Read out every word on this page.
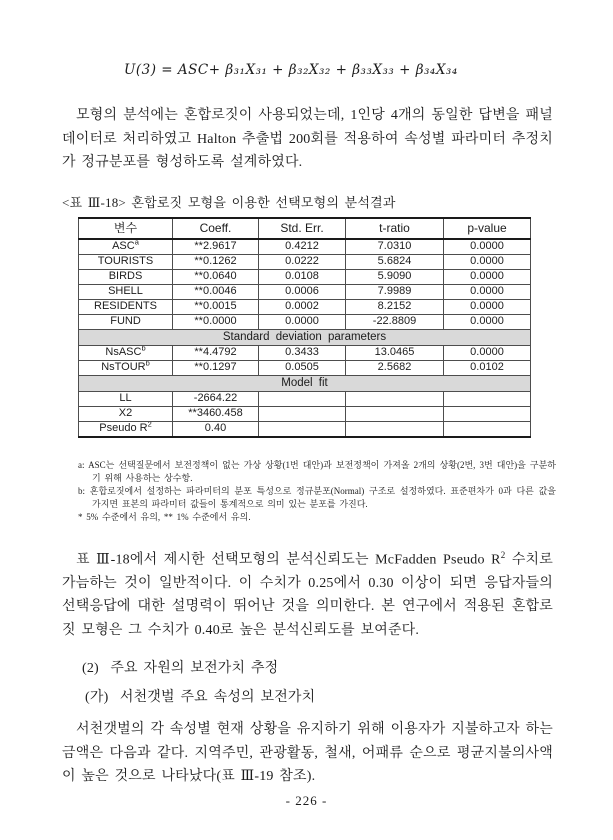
U(3) = ASC+ β₃₁X₃₁ + β₃₂X₃₂ + β₃₃X₃₃ + β₃₄X₃₄
모형의 분석에는 혼합로짓이 사용되었는데, 1인당 4개의 동일한 답변을 패널데이터로 처리하였고 Halton 추출법 200회를 적용하여 속성별 파라미터 추정치가 정규분포를 형성하도록 설계하였다.
<표 Ⅲ-18> 혼합로짓 모형을 이용한 선택모형의 분석결과
변수	Coeff.	Std. Err.	t-ratio	p-value
ASC$^a$	**2.9617	0.4212	7.0310	0.0000
TOURISTS	**0.1262	0.0222	5.6824	0.0000
BIRDS	**0.0640	0.0108	5.9090	0.0000
SHELL	**0.0046	0.0006	7.9989	0.0000
RESIDENTS	**0.0015	0.0002	8.2152	0.0000
FUND	**0.0000	0.0000	-22.8809	0.0000
Standard deviation parameters				
NsASC$^b$	**4.4792	0.3433	13.0465	0.0000
NsTOUR$^b$	**0.1297	0.0505	2.5682	0.0102
Model fit				
LL	-2664.22			
X2	**3460.458			
Pseudo $R^2$	0.40			
a: ASC는 선택질문에서 보전정책이 없는 가상 상황(1번 대안)과 보전정책이 가져올 2개의 상황(2번, 3번 대안)을 구분하기 위해 사용하는 상수항.
b: 혼합로짓에서 설정하는 파라미터의 분포 특성으로 정규분포(Normal) 구조로 설정하였다. 표준편차가 0과 다른 값을 가지면 표본의 파라미터 값들이 통계적으로 의미 있는 분포를 가진다.
* 5% 수준에서 유의, ** 1% 수준에서 유의.
표 Ⅲ-18에서 제시한 선택모형의 분석신뢰도는 McFadden Pseudo $R^2$ 수치로 가늠하는 것이 일반적이다. 이 수치가 0.25에서 0.30 이상이 되면 응답자들의 선택응답에 대한 설명력이 뛰어난 것을 의미한다. 본 연구에서 적용된 혼합로짓 모형은 그 수치가 0.40로 높은 분석신뢰도를 보여준다.
(2)  주요 자원의 보전가치 추정
(가)  서천갯벌 주요 속성의 보전가치
서천갯벌의 각 속성별 현재 상황을 유지하기 위해 이용자가 지불하고자 하는 금액은 다음과 같다. 지역주민, 관광활동, 철새, 어패류 순으로 평균지불의사액이 높은 것으로 나타났다(표 Ⅲ-19 참조).
- 226 -
